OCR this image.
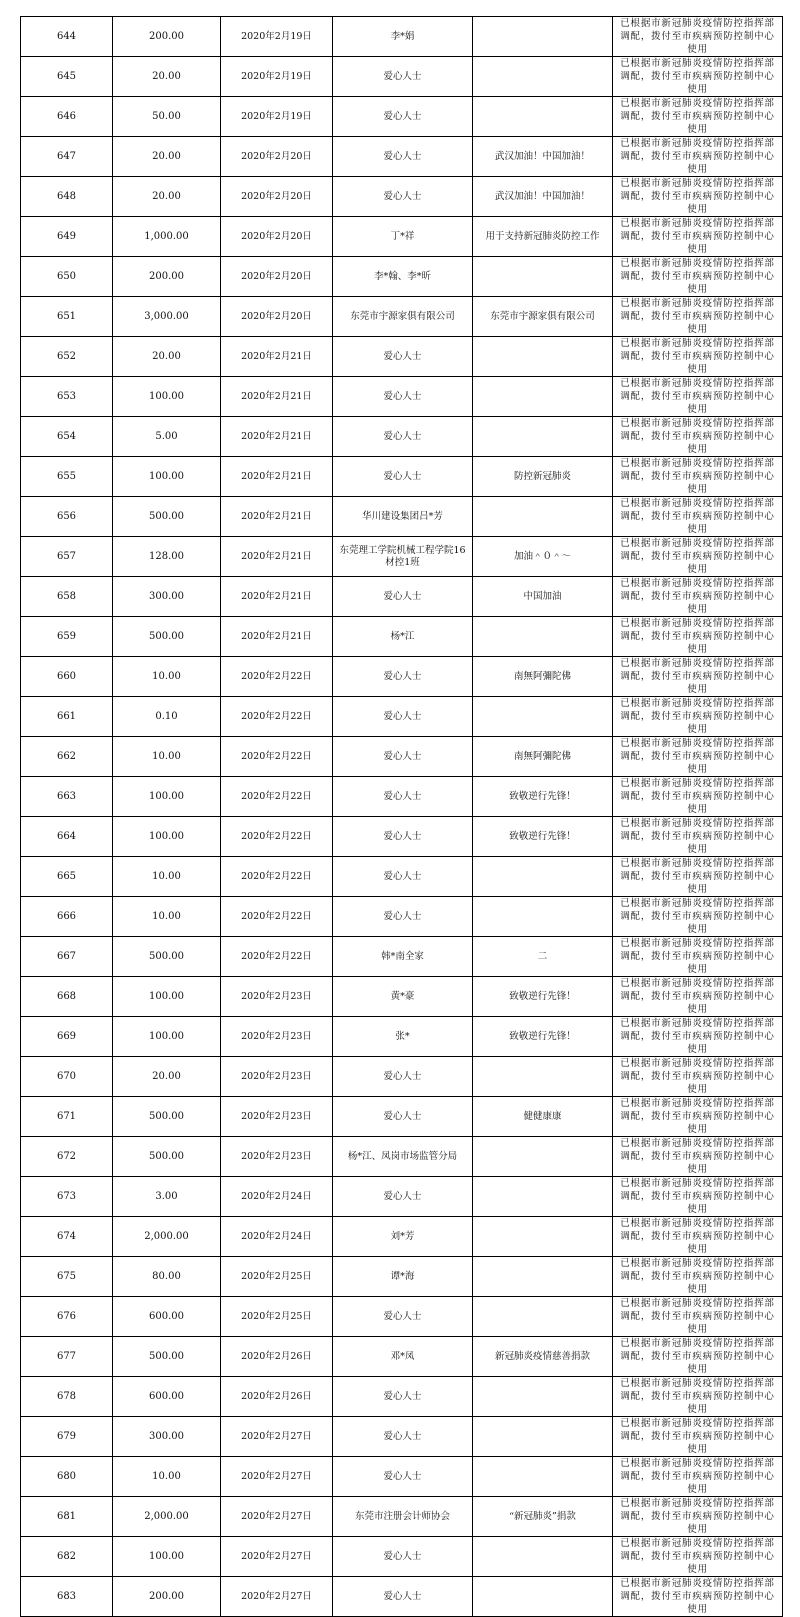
644	200.00	2020年2月19日	李*娟		已根据市新冠肺炎疫情防控指挥部调配，拨付至市疾病预防控制中心使用
645	20.00	2020年2月19日	爱心人士		已根据市新冠肺炎疫情防控指挥部调配，拨付至市疾病预防控制中心使用
646	50.00	2020年2月19日	爱心人士		已根据市新冠肺炎疫情防控指挥部调配，拨付至市疾病预防控制中心使用
647	20.00	2020年2月20日	爱心人士	武汉加油！中国加油！	已根据市新冠肺炎疫情防控指挥部调配，拨付至市疾病预防控制中心使用
648	20.00	2020年2月20日	爱心人士	武汉加油！中国加油！	已根据市新冠肺炎疫情防控指挥部调配，拨付至市疾病预防控制中心使用
649	1,000.00	2020年2月20日	丁*祥	用于支持新冠肺炎防控工作	已根据市新冠肺炎疫情防控指挥部调配，拨付至市疾病预防控制中心使用
650	200.00	2020年2月20日	李*翰、李*昕		已根据市新冠肺炎疫情防控指挥部调配，拨付至市疾病预防控制中心使用
651	3,000.00	2020年2月20日	东莞市宇源家俱有限公司	东莞市宇源家俱有限公司	已根据市新冠肺炎疫情防控指挥部调配，拨付至市疾病预防控制中心使用
652	20.00	2020年2月21日	爱心人士		已根据市新冠肺炎疫情防控指挥部调配，拨付至市疾病预防控制中心使用
653	100.00	2020年2月21日	爱心人士		已根据市新冠肺炎疫情防控指挥部调配，拨付至市疾病预防控制中心使用
654	5.00	2020年2月21日	爱心人士		已根据市新冠肺炎疫情防控指挥部调配，拨付至市疾病预防控制中心使用
655	100.00	2020年2月21日	爱心人士	防控新冠肺炎	已根据市新冠肺炎疫情防控指挥部调配，拨付至市疾病预防控制中心使用
656	500.00	2020年2月21日	华川建设集团吕*芳		已根据市新冠肺炎疫情防控指挥部调配，拨付至市疾病预防控制中心使用
657	128.00	2020年2月21日	东莞理工学院机械工程学院16材控1班	加油＾０＾～	已根据市新冠肺炎疫情防控指挥部调配，拨付至市疾病预防控制中心使用
658	300.00	2020年2月21日	爱心人士	中国加油	已根据市新冠肺炎疫情防控指挥部调配，拨付至市疾病预防控制中心使用
659	500.00	2020年2月21日	杨*江		已根据市新冠肺炎疫情防控指挥部调配，拨付至市疾病预防控制中心使用
660	10.00	2020年2月22日	爱心人士	南無阿彌陀佛	已根据市新冠肺炎疫情防控指挥部调配，拨付至市疾病预防控制中心使用
661	0.10	2020年2月22日	爱心人士		已根据市新冠肺炎疫情防控指挥部调配，拨付至市疾病预防控制中心使用
662	10.00	2020年2月22日	爱心人士	南無阿彌陀佛	已根据市新冠肺炎疫情防控指挥部调配，拨付至市疾病预防控制中心使用
663	100.00	2020年2月22日	爱心人士	致敬逆行先锋！	已根据市新冠肺炎疫情防控指挥部调配，拨付至市疾病预防控制中心使用
664	100.00	2020年2月22日	爱心人士	致敬逆行先锋！	已根据市新冠肺炎疫情防控指挥部调配，拨付至市疾病预防控制中心使用
665	10.00	2020年2月22日	爱心人士		已根据市新冠肺炎疫情防控指挥部调配，拨付至市疾病预防控制中心使用
666	10.00	2020年2月22日	爱心人士		已根据市新冠肺炎疫情防控指挥部调配，拨付至市疾病预防控制中心使用
667	500.00	2020年2月22日	韩*南全家	二	已根据市新冠肺炎疫情防控指挥部调配，拨付至市疾病预防控制中心使用
668	100.00	2020年2月23日	黄*豪	致敬逆行先锋！	已根据市新冠肺炎疫情防控指挥部调配，拨付至市疾病预防控制中心使用
669	100.00	2020年2月23日	张*	致敬逆行先锋！	已根据市新冠肺炎疫情防控指挥部调配，拨付至市疾病预防控制中心使用
670	20.00	2020年2月23日	爱心人士		已根据市新冠肺炎疫情防控指挥部调配，拨付至市疾病预防控制中心使用
671	500.00	2020年2月23日	爱心人士	健健康康	已根据市新冠肺炎疫情防控指挥部调配，拨付至市疾病预防控制中心使用
672	500.00	2020年2月23日	杨*江、凤岗市场监管分局		已根据市新冠肺炎疫情防控指挥部调配，拨付至市疾病预防控制中心使用
673	3.00	2020年2月24日	爱心人士		已根据市新冠肺炎疫情防控指挥部调配，拨付至市疾病预防控制中心使用
674	2,000.00	2020年2月24日	刘*芳		已根据市新冠肺炎疫情防控指挥部调配，拨付至市疾病预防控制中心使用
675	80.00	2020年2月25日	谭*海		已根据市新冠肺炎疫情防控指挥部调配，拨付至市疾病预防控制中心使用
676	600.00	2020年2月25日	爱心人士		已根据市新冠肺炎疫情防控指挥部调配，拨付至市疾病预防控制中心使用
677	500.00	2020年2月26日	邓*凤	新冠肺炎疫情慈善捐款	已根据市新冠肺炎疫情防控指挥部调配，拨付至市疾病预防控制中心使用
678	600.00	2020年2月26日	爱心人士		已根据市新冠肺炎疫情防控指挥部调配，拨付至市疾病预防控制中心使用
679	300.00	2020年2月27日	爱心人士		已根据市新冠肺炎疫情防控指挥部调配，拨付至市疾病预防控制中心使用
680	10.00	2020年2月27日	爱心人士		已根据市新冠肺炎疫情防控指挥部调配，拨付至市疾病预防控制中心使用
681	2,000.00	2020年2月27日	东莞市注册会计师协会	“新冠肺炎”捐款	已根据市新冠肺炎疫情防控指挥部调配，拨付至市疾病预防控制中心使用
682	100.00	2020年2月27日	爱心人士		已根据市新冠肺炎疫情防控指挥部调配，拨付至市疾病预防控制中心使用
683	200.00	2020年2月27日	爱心人士		已根据市新冠肺炎疫情防控指挥部调配，拨付至市疾病预防控制中心使用
